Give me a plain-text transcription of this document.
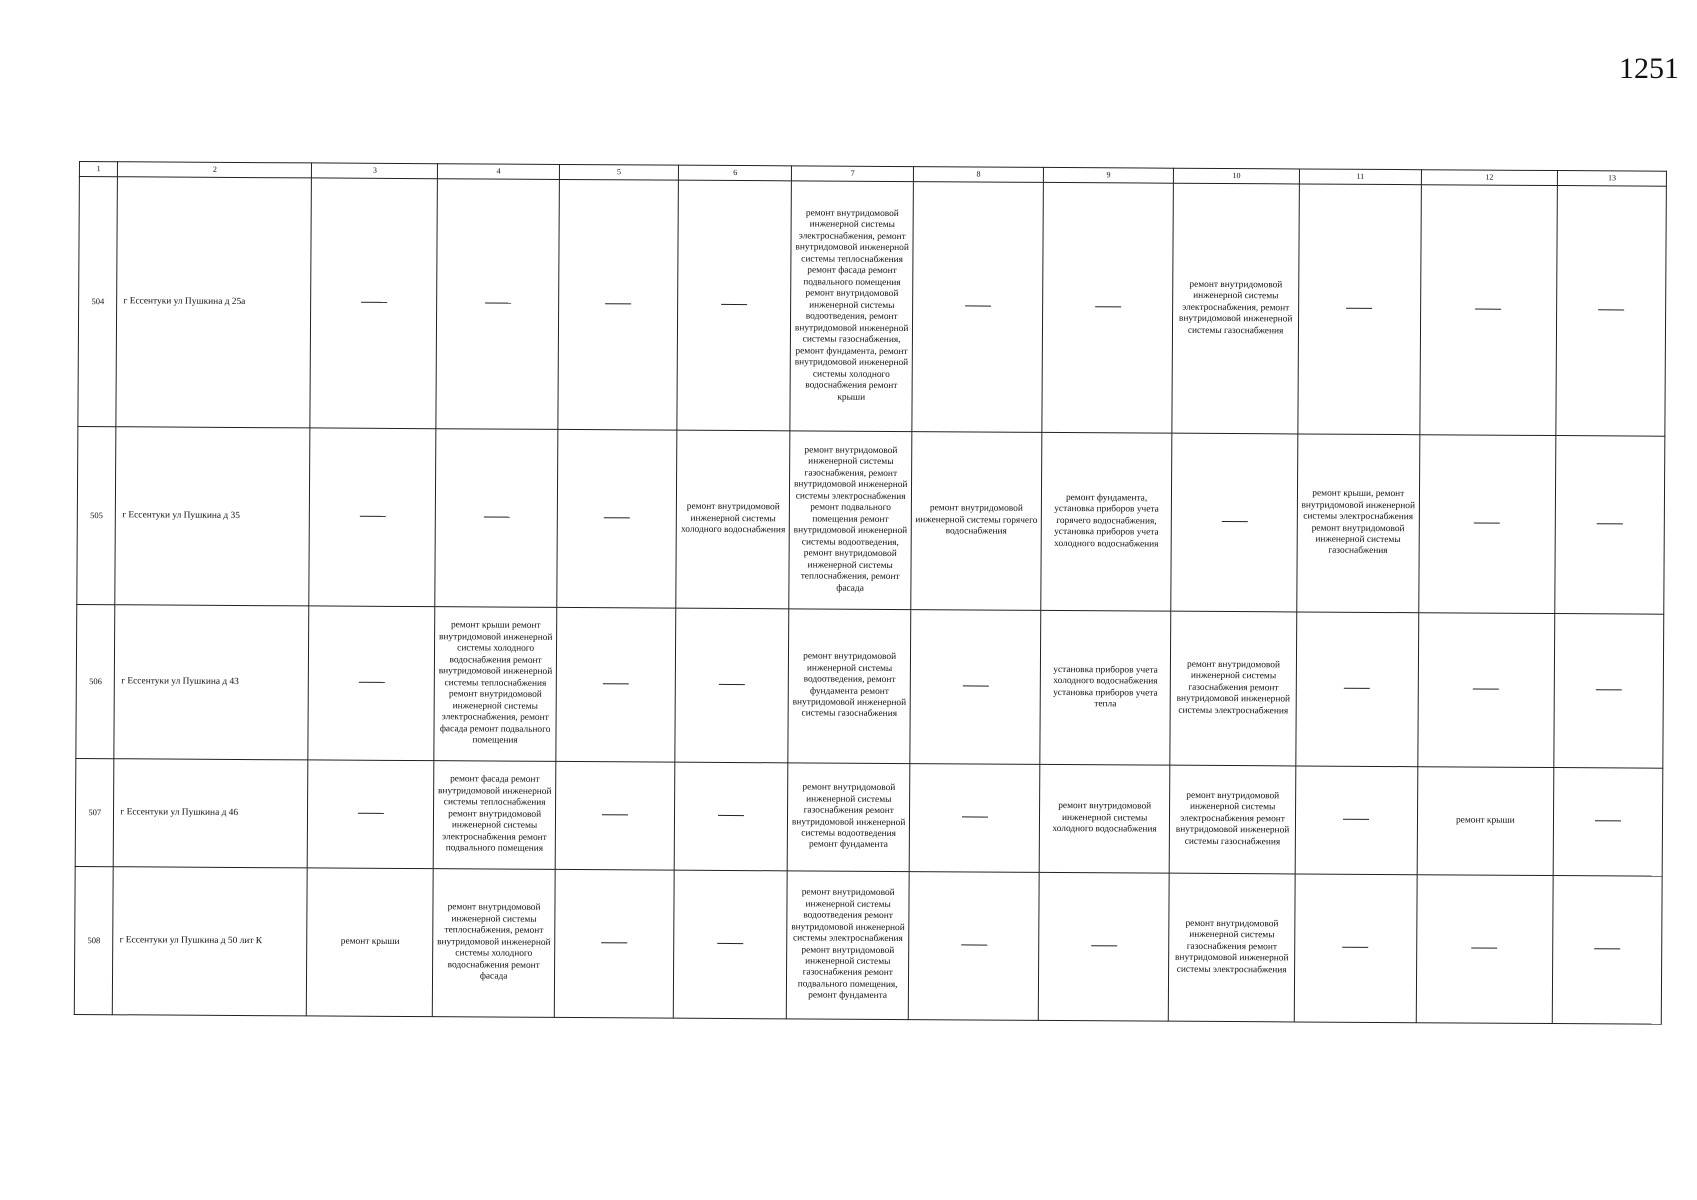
1251
1	2	3	4	5	6	7	8	9	10	11	12	13
504	г Ессентуки ул Пушкина д 25а					ремонт внутридомовой инженерной системы электроснабжения, ремонт внутридомовой инженерной системы теплоснабжения ремонт фасада ремонт подвального помещения ремонт внутридомовой инженерной системы водоотведения, ремонт внутридомовой инженерной системы газоснабжения, ремонт фундамента, ремонт внутридомовой инженерной системы холодного водоснабжения ремонт крыши			ремонт внутридомовой инженерной системы электроснабжения, ремонт внутридомовой инженерной системы газоснабжения			
505	г Ессентуки ул Пушкина д 35				ремонт внутридомовой инженерной системы холодного водоснабжения	ремонт внутридомовой инженерной системы газоснабжения, ремонт внутридомовой инженерной системы электроснабжения ремонт подвального помещения ремонт внутридомовой инженерной системы водоотведения, ремонт внутридомовой инженерной системы теплоснабжения, ремонт фасада	ремонт внутридомовой инженерной системы горячего водоснабжения	ремонт фундамента, установка приборов учета горячего водоснабжения, установка приборов учета холодного водоснабжения		ремонт крыши, ремонт внутридомовой инженерной системы электроснабжения ремонт внутридомовой инженерной системы газоснабжения		
506	г Ессентуки ул Пушкина д 43		ремонт крыши ремонт внутридомовой инженерной системы холодного водоснабжения ремонт внутридомовой инженерной системы теплоснабжения ремонт внутридомовой инженерной системы электроснабжения, ремонт фасада ремонт подвального помещения			ремонт внутридомовой инженерной системы водоотведения, ремонт фундамента ремонт внутридомовой инженерной системы газоснабжения		установка приборов учета холодного водоснабжения установка приборов учета тепла	ремонт внутридомовой инженерной системы газоснабжения ремонт внутридомовой инженерной системы электроснабжения			
507	г Ессентуки ул Пушкина д 46		ремонт фасада ремонт внутридомовой инженерной системы теплоснабжения ремонт внутридомовой инженерной системы электроснабжения ремонт подвального помещения			ремонт внутридомовой инженерной системы газоснабжения ремонт внутридомовой инженерной системы водоотведения ремонт фундамента		ремонт внутридомовой инженерной системы холодного водоснабжения	ремонт внутридомовой инженерной системы электроснабжения ремонт внутридомовой инженерной системы газоснабжения		ремонт крыши	
508	г Ессентуки ул Пушкина д 50 лит К	ремонт крыши	ремонт внутридомовой инженерной системы теплоснабжения, ремонт внутридомовой инженерной системы холодного водоснабжения ремонт фасада			ремонт внутридомовой инженерной системы водоотведения ремонт внутридомовой инженерной системы электроснабжения ремонт внутридомовой инженерной системы газоснабжения ремонт подвального помещения, ремонт фундамента			ремонт внутридомовой инженерной системы газоснабжения ремонт внутридомовой инженерной системы электроснабжения			
